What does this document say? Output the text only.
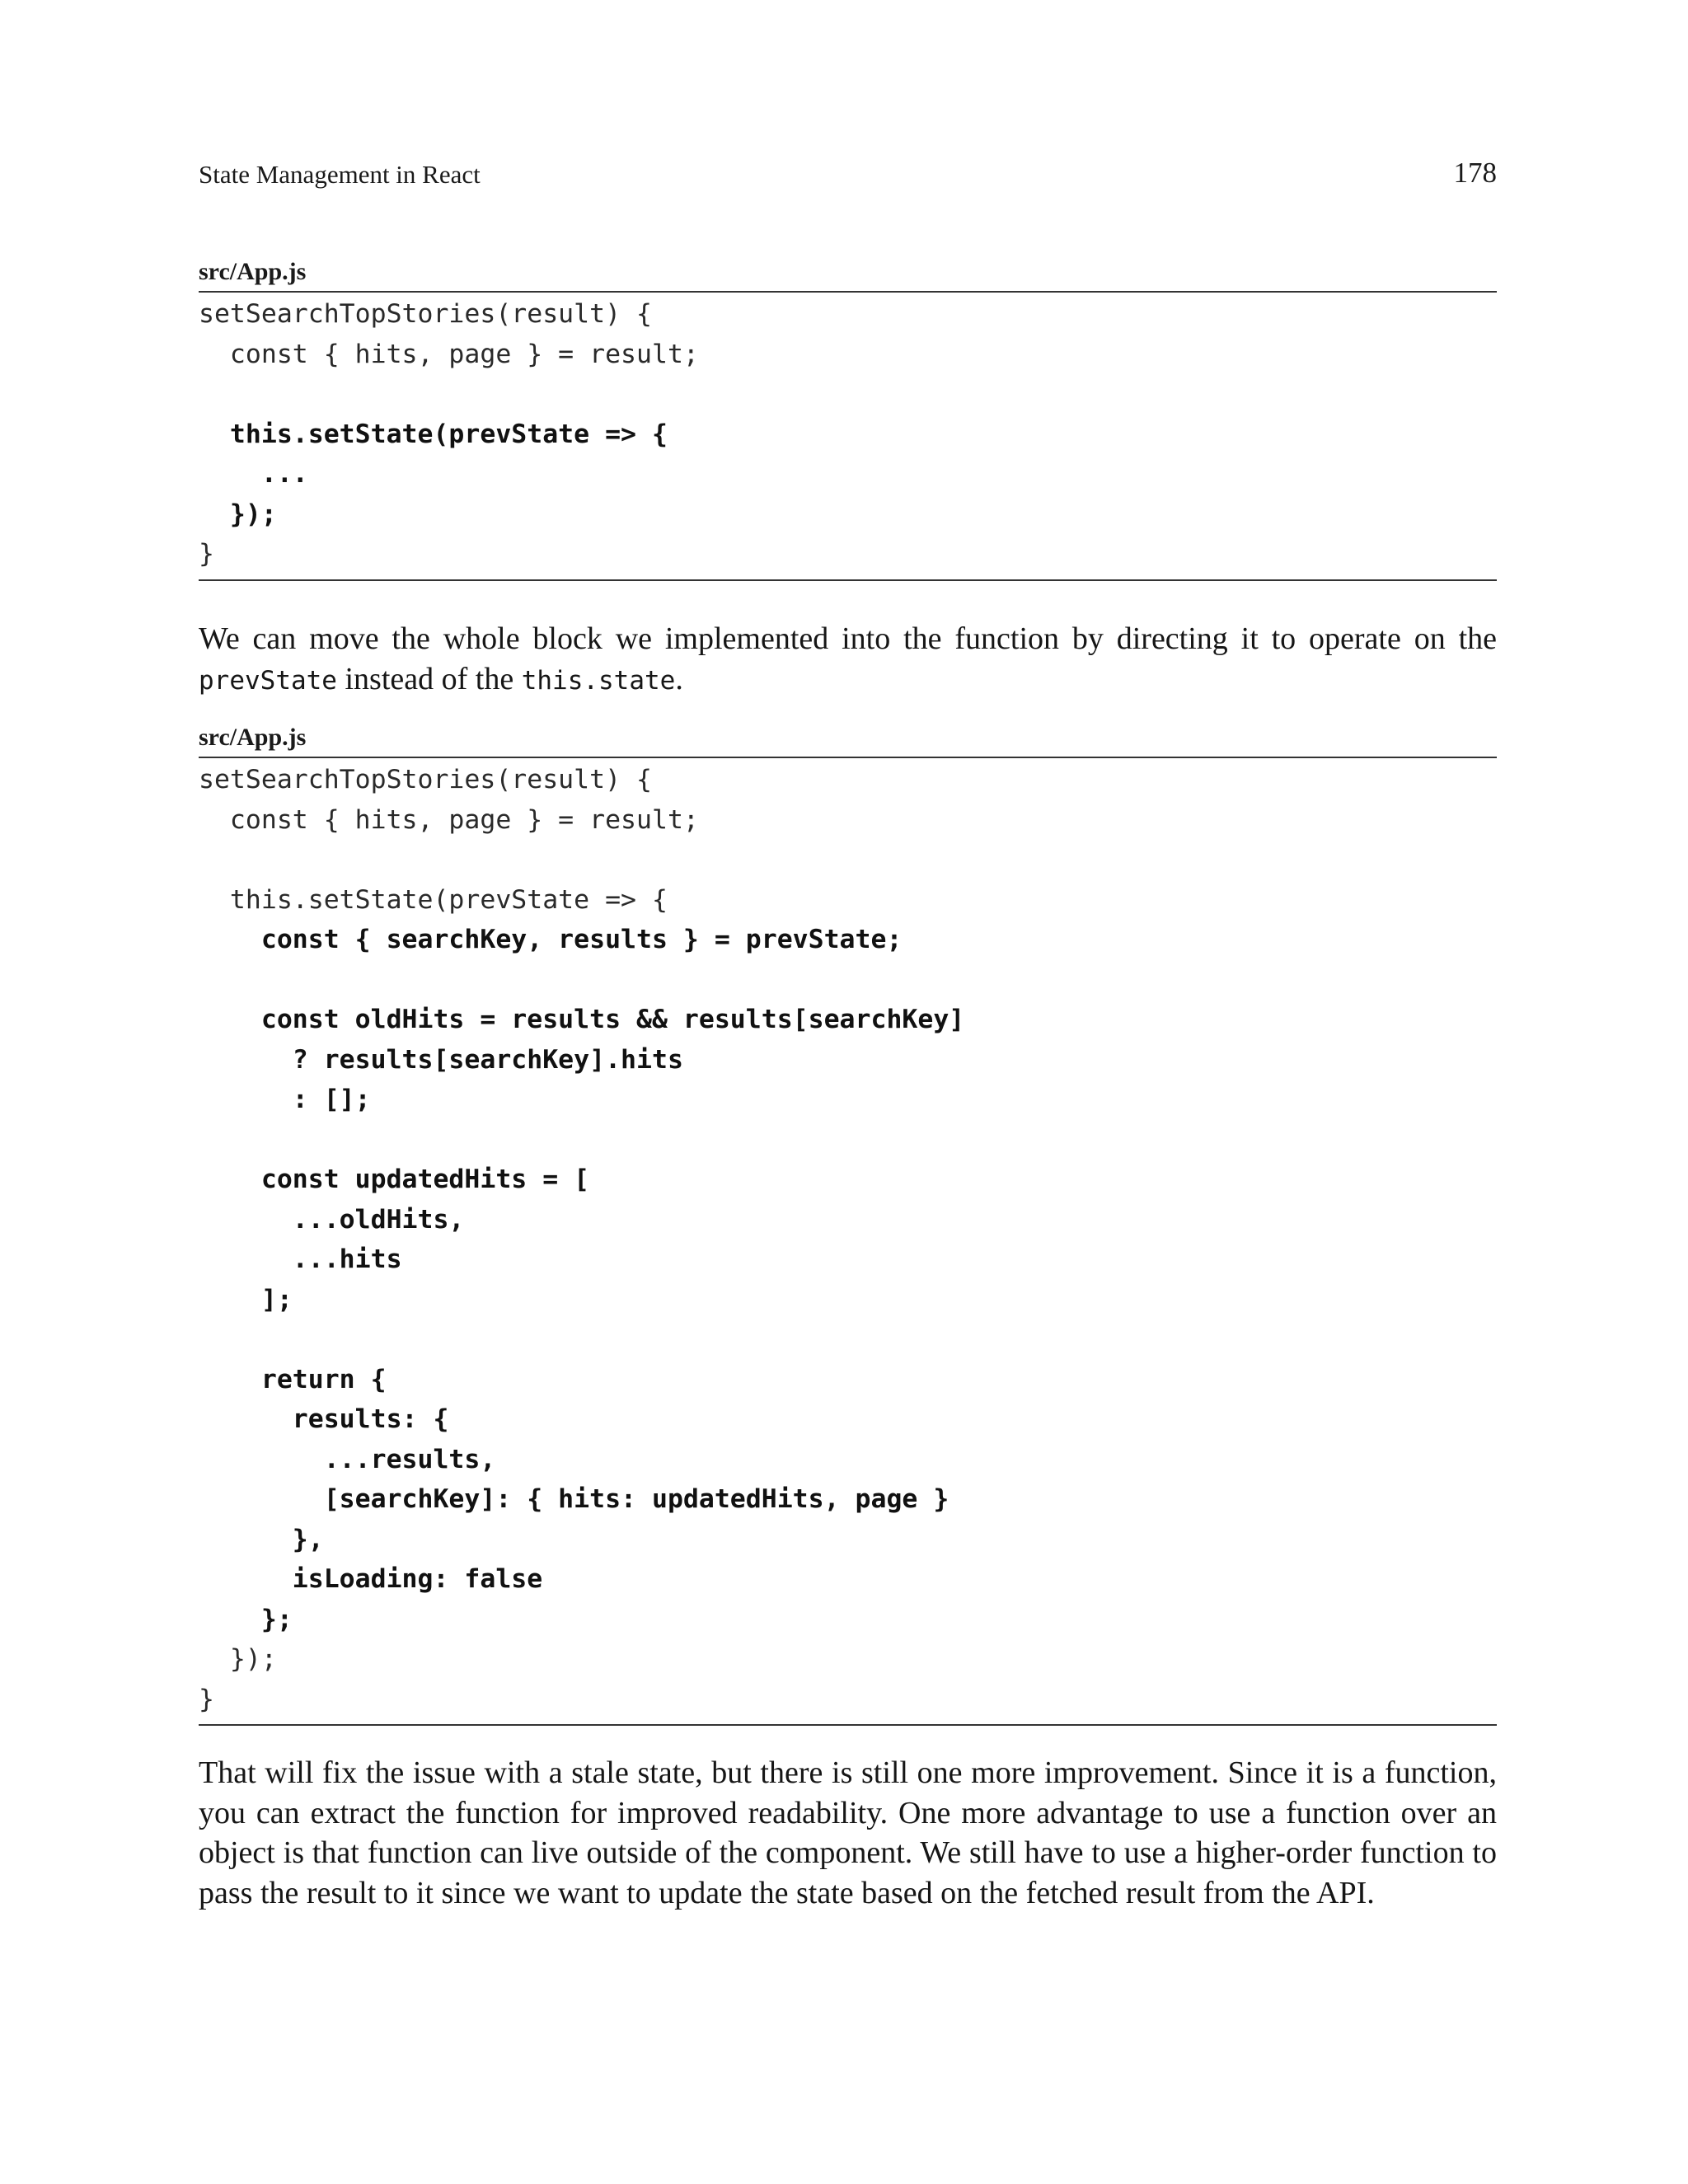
State Management in React	178
src/App.js
setSearchTopStories(result) {
const { hits, page } = result;
this.setState(prevState => {
...
});
}
We can move the whole block we implemented into the function by directing it to operate on the prevState instead of the this.state.
src/App.js
setSearchTopStories(result) {
const { hits, page } = result;
this.setState(prevState => {
const { searchKey, results } = prevState;
const oldHits = results && results[searchKey]
? results[searchKey].hits
: [];
const updatedHits = [
...oldHits,
...hits
];
return {
results: {
...results,
[searchKey]: { hits: updatedHits, page }
},
isLoading: false
};
});
}
That will fix the issue with a stale state, but there is still one more improvement. Since it is a function, you can extract the function for improved readability. One more advantage to use a function over an object is that function can live outside of the component. We still have to use a higher-order function to pass the result to it since we want to update the state based on the fetched result from the API.
